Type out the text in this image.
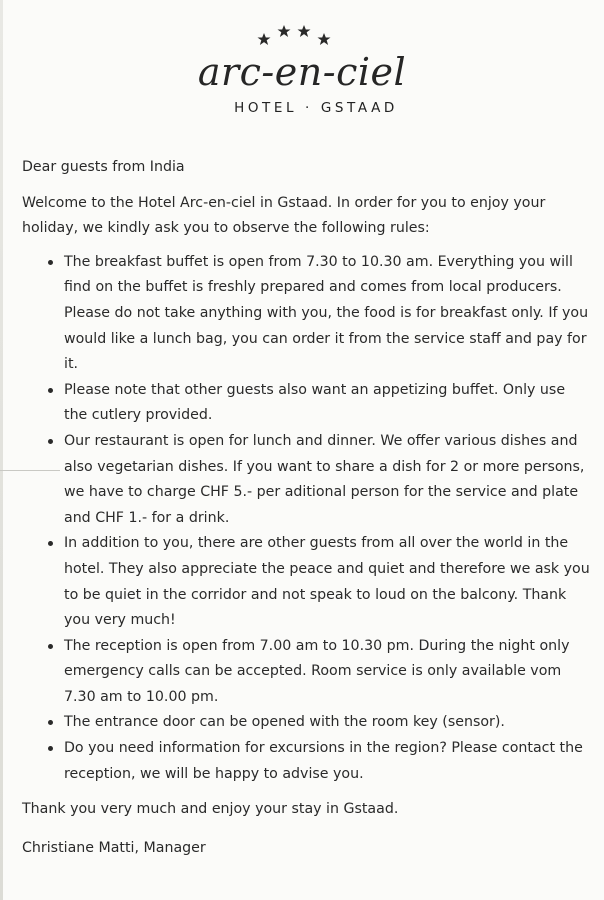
arc-en-ciel
HOTEL · GSTAAD

Dear guests from India

Welcome to the Hotel Arc-en-ciel in Gstaad. In order for you to enjoy your holiday, we kindly ask you to observe the following rules:

The breakfast buffet is open from 7.30 to 10.30 am. Everything you will find on the buffet is freshly prepared and comes from local producers. Please do not take anything with you, the food is for breakfast only. If you would like a lunch bag, you can order it from the service staff and pay for it.
Please note that other guests also want an appetizing buffet. Only use the cutlery provided.
Our restaurant is open for lunch and dinner. We offer various dishes and also vegetarian dishes. If you want to share a dish for 2 or more persons, we have to charge CHF 5.- per aditional person for the service and plate and CHF 1.- for a drink.
In addition to you, there are other guests from all over the world in the hotel. They also appreciate the peace and quiet and therefore we ask you to be quiet in the corridor and not speak to loud on the balcony. Thank you very much!
The reception is open from 7.00 am to 10.30 pm. During the night only emergency calls can be accepted. Room service is only available vom 7.30 am to 10.00 pm.
The entrance door can be opened with the room key (sensor).
Do you need information for excursions in the region? Please contact the reception, we will be happy to advise you.

Thank you very much and enjoy your stay in Gstaad.

Christiane Matti, Manager
